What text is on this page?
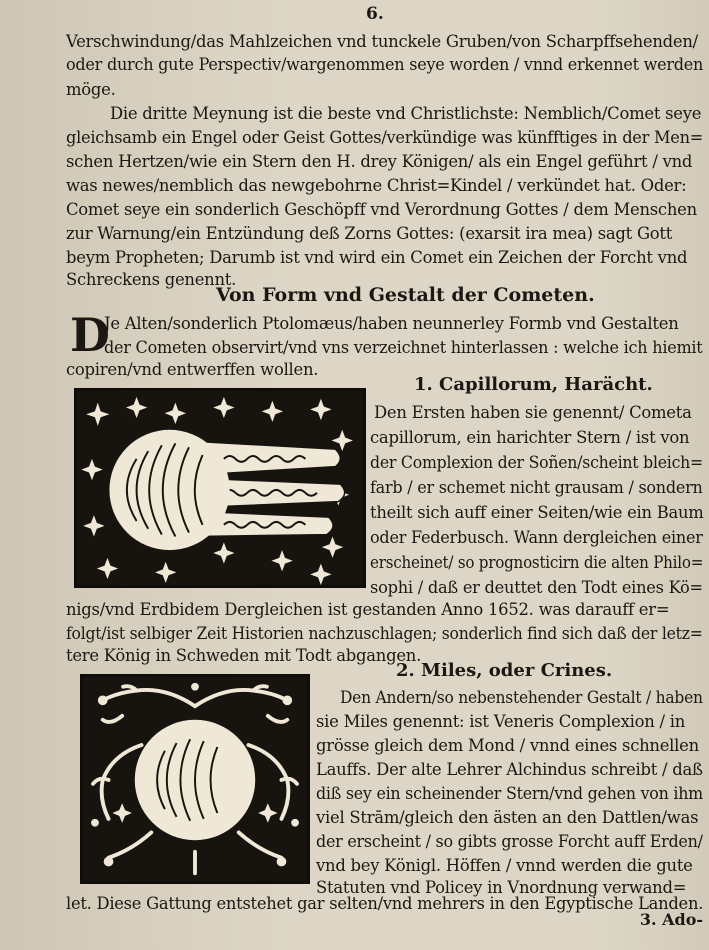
6.
Verschwindung/das Mahlzeichen vnd tunckele Gruben/von Scharpffsehenden/
oder durch gute Perspectiv/wargenommen seye worden / vnnd erkennet werden
möge.
Die dritte Meynung ist die beste vnd Christlichste: Nemblich/Comet seye
gleichsamb ein Engel oder Geist Gottes/verkündige was künfftiges in der Men=
schen Hertzen/wie ein Stern den H. drey Königen/ als ein Engel geführt / vnd
was newes/nemblich das newgebohrne Christ=Kindel / verkündet hat. Oder:
Comet seye ein sonderlich Geschöpff vnd Verordnung Gottes / dem Menschen
zur Warnung/ein Entzündung deß Zorns Gottes: (exarsit ira mea) sagt Gott
beym Propheten; Darumb ist vnd wird ein Comet ein Zeichen der Forcht vnd
Schreckens genennt.
Von Form vnd Gestalt der Cometen.
D
Je Alten/sonderlich Ptolomæus/haben neunnerley Formb vnd Gestalten
der Cometen observirt/vnd vns verzeichnet hinterlassen : welche ich hiemit
copiren/vnd entwerffen wollen.
1. Capillorum, Harächt.
Den Ersten haben sie genennt/ Cometa
capillorum, ein harichter Stern / ist von
der Complexion der Soñen/scheint bleich=
farb / er schemet nicht grausam / sondern
theilt sich auff einer Seiten/wie ein Baum
oder Federbusch. Wann dergleichen einer
erscheinet/ so prognosticirn die alten Philo=
sophi / daß er deuttet den Todt eines Kö=
nigs/vnd Erdbidem Dergleichen ist gestanden Anno 1652. was darauff er=
folgt/ist selbiger Zeit Historien nachzuschlagen; sonderlich find sich daß der letz=
tere König in Schweden mit Todt abgangen.
2. Miles, oder Crines.
Den Andern/so nebenstehender Gestalt / haben
sie Miles genennt: ist Veneris Complexion / in
grösse gleich dem Mond / vnnd eines schnellen
Lauffs. Der alte Lehrer Alchindus schreibt / daß
diß sey ein scheinender Stern/vnd gehen von ihm
viel Strām/gleich den ästen an den Dattlen/was
der erscheint / so gibts grosse Forcht auff Erden/
vnd bey Königl. Höffen / vnnd werden die gute
Statuten vnd Policey in Vnordnung verwand=
let. Diese Gattung entstehet gar selten/vnd mehrers in den Egyptische Landen.
3. Ado-
